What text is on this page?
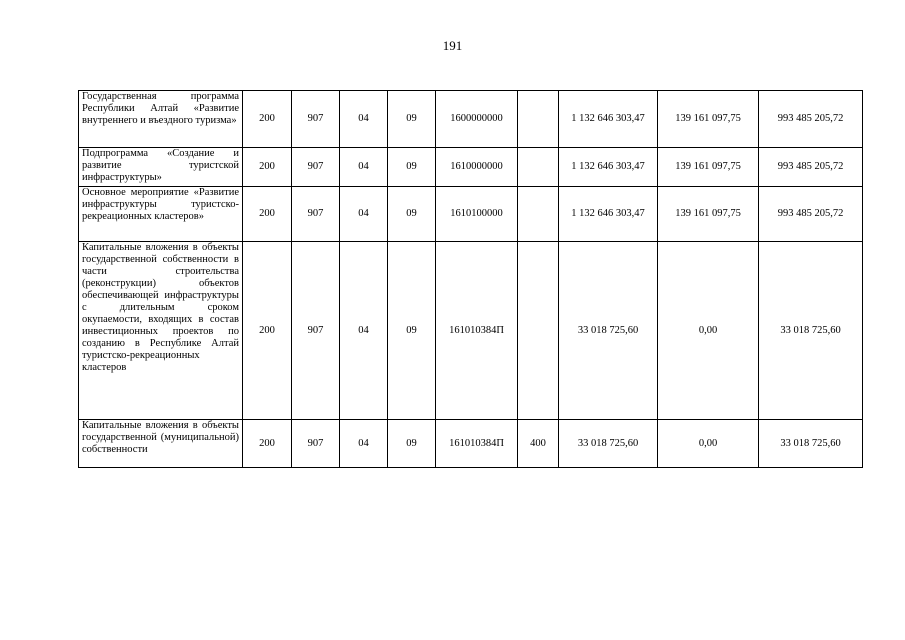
191
Государственная программа Республики Алтай «Развитие внутреннего и въездного туризма»	200	907	04	09	1600000000		1 132 646 303,47	139 161 097,75	993 485 205,72

Подпрограмма «Создание и развитие туристской инфраструктуры»	200	907	04	09	1610000000		1 132 646 303,47	139 161 097,75	993 485 205,72

Основное мероприятие «Развитие инфраструктуры туристско-рекреационных кластеров»	200	907	04	09	1610100000		1 132 646 303,47	139 161 097,75	993 485 205,72

Капитальные вложения в объекты государственной собственности в части строительства (реконструкции) объектов обеспечивающей инфраструктуры с длительным сроком окупаемости, входящих в состав инвестиционных проектов по созданию в Республике Алтай туристско-рекреационных кластеров	200	907	04	09	161010384П		33 018 725,60	0,00	33 018 725,60

Капитальные вложения в объекты государственной (муниципальной) собственности	200	907	04	09	161010384П	400	33 018 725,60	0,00	33 018 725,60
